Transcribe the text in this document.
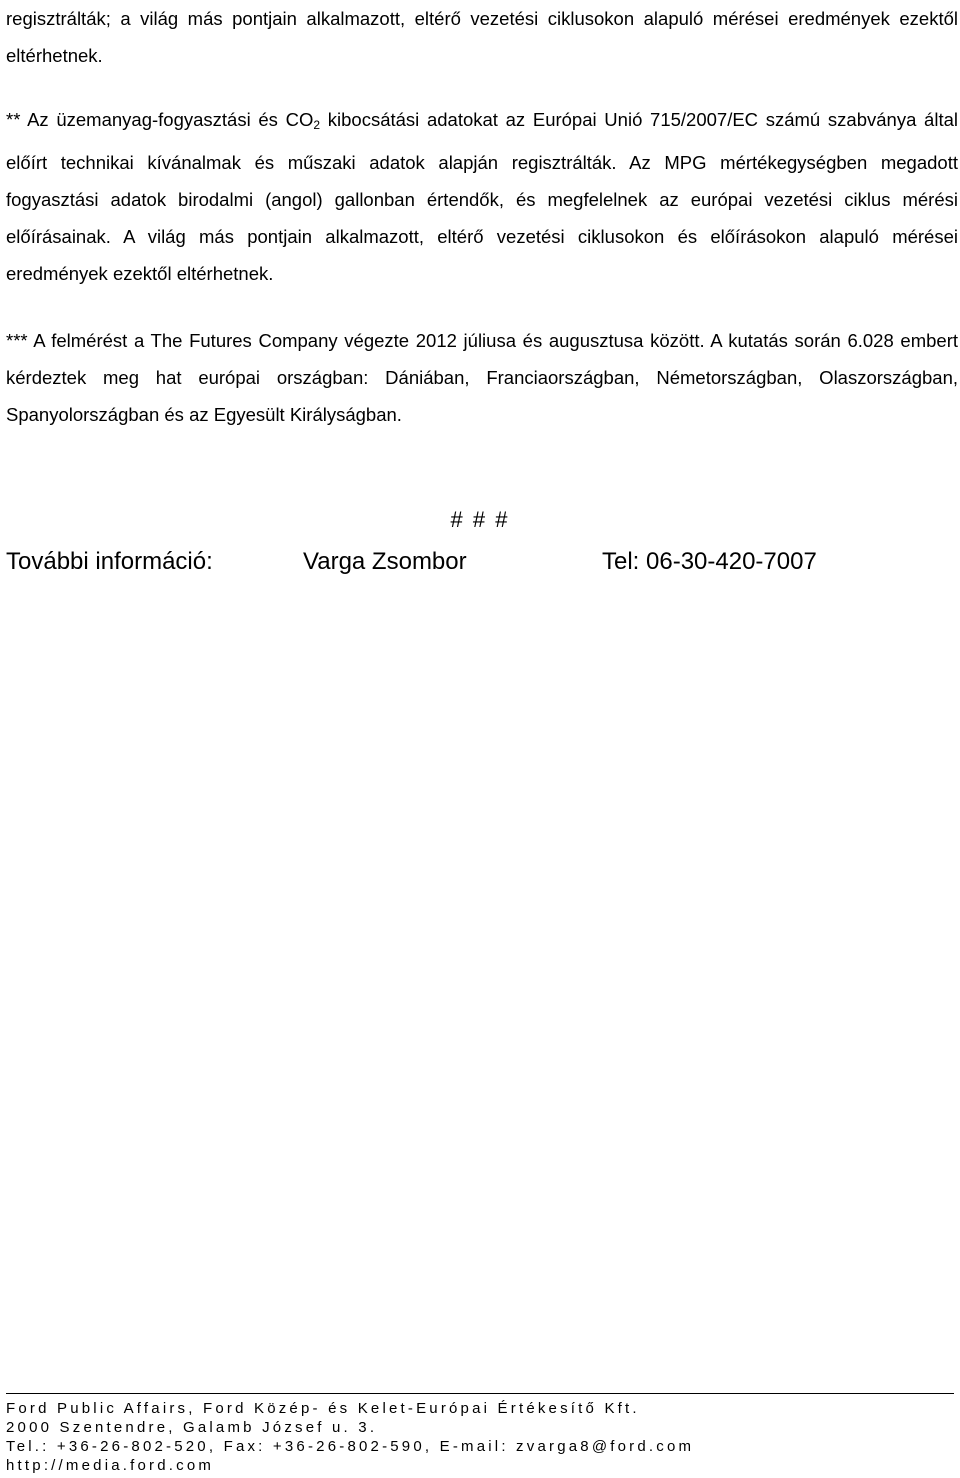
regisztrálták; a világ más pontjain alkalmazott, eltérő vezetési ciklusokon alapuló mérései eredmények ezektől eltérhetnek.

** Az üzemanyag-fogyasztási és $CO_2$ kibocsátási adatokat az Európai Unió 715/2007/EC számú szabványa által előírt technikai kívánalmak és műszaki adatok alapján regisztrálták. Az MPG mértékegységben megadott fogyasztási adatok birodalmi (angol) gallonban értendők, és megfelelnek az európai vezetési ciklus mérési előírásainak. A világ más pontjain alkalmazott, eltérő vezetési ciklusokon és előírásokon alapuló mérései eredmények ezektől eltérhetnek.

*** A felmérést a The Futures Company végezte 2012 júliusa és augusztusa között. A kutatás során 6.028 embert kérdeztek meg hat európai országban: Dániában, Franciaországban, Németországban, Olaszországban, Spanyolországban és az Egyesült Királyságban.

# # #
További információ:	Varga Zsombor	Tel: 06-30-420-7007
Ford Public Affairs, Ford Közép- és Kelet-Európai Értékesítő Kft.
2000 Szentendre, Galamb József u. 3.
Tel.: +36-26-802-520, Fax: +36-26-802-590, E-mail: zvarga8@ford.com
http://media.ford.com
